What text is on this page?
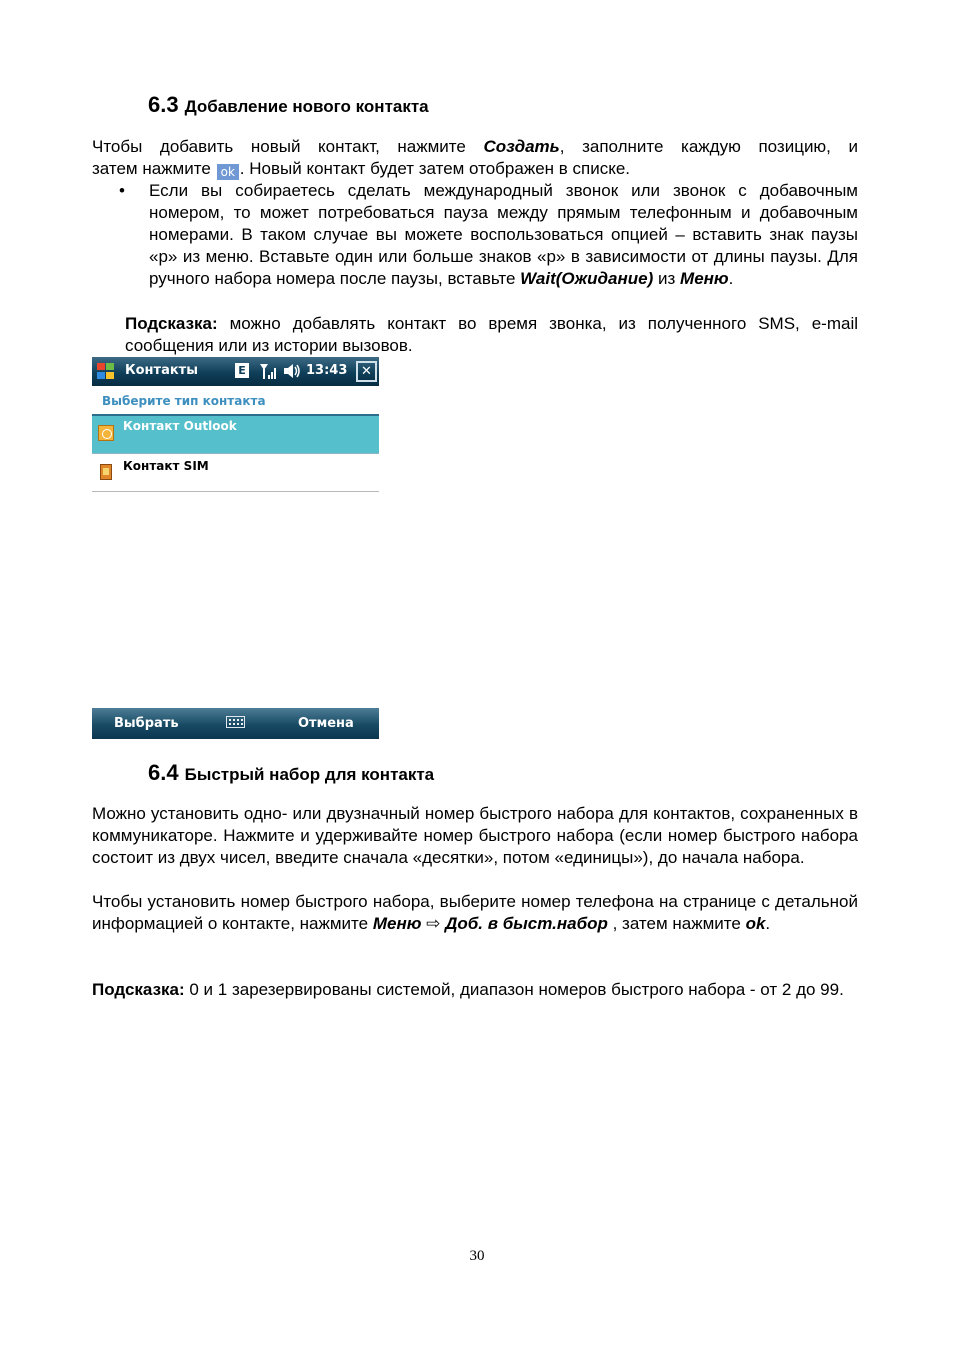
6.3 Добавление нового контакта
Чтобы добавить новый контакт, нажмите Создать, заполните каждую позицию, и
затем нажмите ok . Новый контакт будет затем отображен в списке.
• Если вы собираетесь сделать международный звонок или звонок с добавочным номером, то может потребоваться пауза между прямым телефонным и добавочным номерами. В таком случае вы можете воспользоваться опцией – вставить знак паузы «р» из меню. Вставьте один или больше знаков «р» в зависимости от длины паузы. Для ручного набора номера после паузы, вставьте Wait(Ожидание) из Меню.
Подсказка: можно добавлять контакт во время звонка, из полученного SMS, e-mail сообщения или из истории вызовов.
Контакты	E	13:43	✕
Выберите тип контакта
Контакт Outlook
Контакт SIM
Выбрать	Отмена
6.4 Быстрый набор для контакта
Можно установить одно- или двузначный номер быстрого набора для контактов, сохраненных в коммуникаторе. Нажмите и удерживайте номер быстрого набора (если номер быстрого набора состоит из двух чисел, введите сначала «десятки», потом «единицы»), до начала набора.
Чтобы установить номер быстрого набора, выберите номер телефона на странице с детальной информацией о контакте, нажмите Меню ⇨ Доб. в быст.набор , затем нажмите ok.
Подсказка: 0 и 1 зарезервированы системой, диапазон номеров быстрого набора - от 2 до 99.
30
